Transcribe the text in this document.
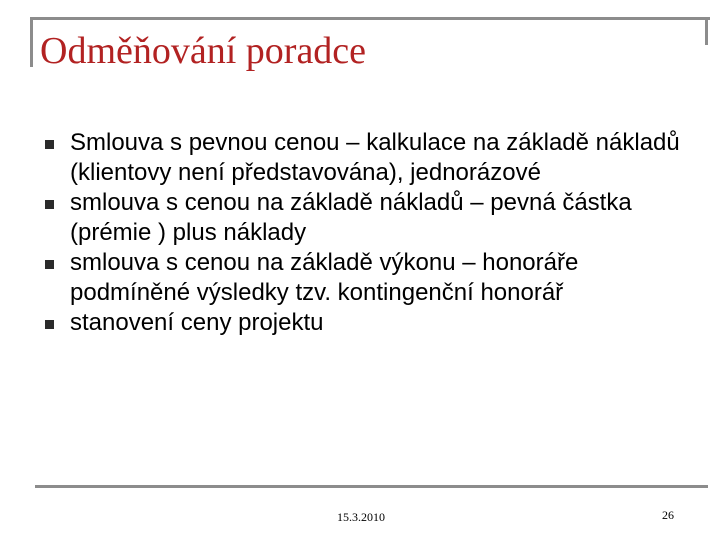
Odměňování poradce
Smlouva s pevnou cenou – kalkulace na základě nákladů (klientovy není představována), jednorázové
smlouva s cenou na základě nákladů – pevná částka (prémie ) plus náklady
smlouva s cenou na základě výkonu – honoráře podmíněné výsledky tzv. kontingenční honorář
stanovení ceny projektu
15.3.2010	26
